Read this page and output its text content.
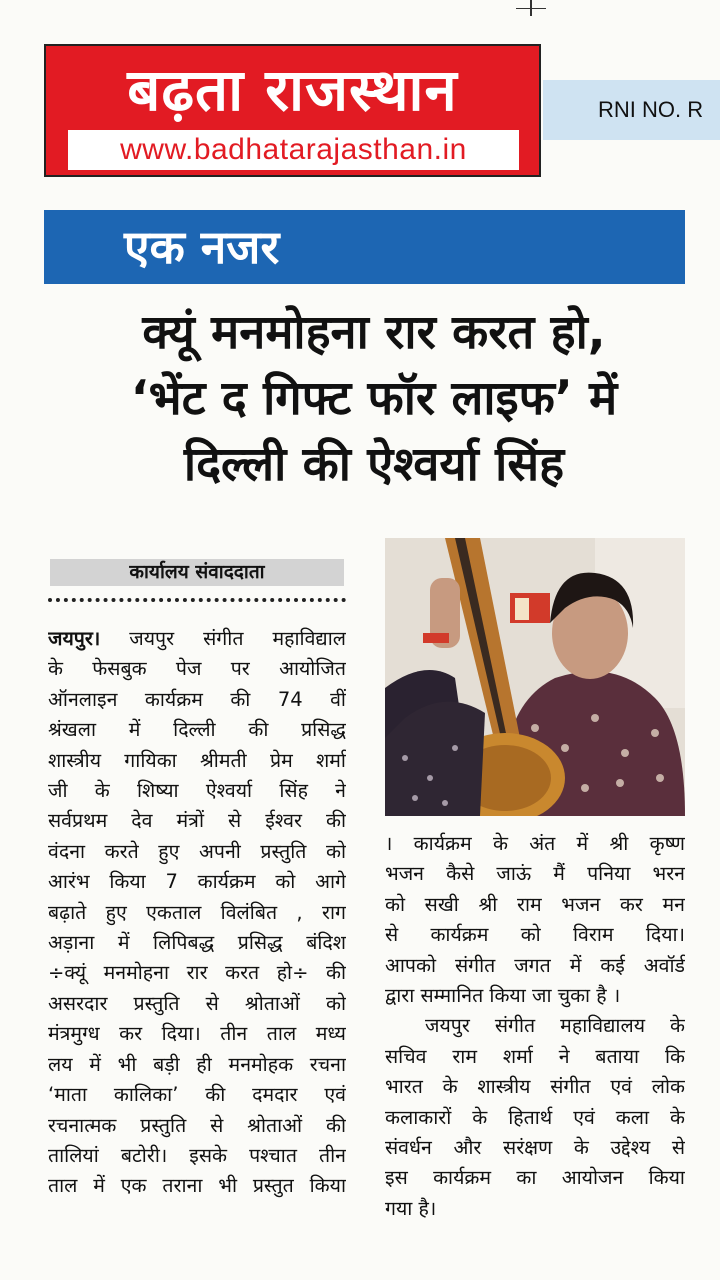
बढ़ता राजस्थान
www.badhatarajasthan.in
RNI NO. R
एक नजर
क्यूं मनमोहना रार करत हो,
‘भेंट द गिफ्ट फॉर लाइफ’ में
दिल्ली की ऐश्वर्या सिंह
कार्यालय संवाददाता
जयपुर। जयपुर संगीत महाविद्याल
के फेसबुक पेज पर आयोजित
ऑनलाइन कार्यक्रम की 74 वीं
श्रंखला में दिल्ली की प्रसिद्ध
शास्त्रीय गायिका श्रीमती प्रेम शर्मा
जी के शिष्या ऐश्वर्या सिंह ने
सर्वप्रथम देव मंत्रों से ईश्वर की
वंदना करते हुए अपनी प्रस्तुति को
आरंभ किया 7 कार्यक्रम को आगे
बढ़ाते हुए एकताल विलंबित , राग
अड़ाना में लिपिबद्ध प्रसिद्ध बंदिश
÷क्यूं मनमोहना रार करत हो÷ की
असरदार प्रस्तुति से श्रोताओं को
मंत्रमुग्ध कर दिया। तीन ताल मध्य
लय में भी बड़ी ही मनमोहक रचना
‘माता कालिका’ की दमदार एवं
रचनात्मक प्रस्तुति से श्रोताओं की
तालियां बटोरी। इसके पश्चात तीन
ताल में एक तराना भी प्रस्तुत किया
। कार्यक्रम के अंत में श्री कृष्ण
भजन कैसे जाऊं मैं पनिया भरन
को सखी श्री राम भजन कर मन
से कार्यक्रम को विराम दिया।
आपको संगीत जगत में कई अवॉर्ड
द्वारा सम्मानित किया जा चुका है ।
जयपुर संगीत महाविद्यालय के
सचिव राम शर्मा ने बताया कि
भारत के शास्त्रीय संगीत एवं लोक
कलाकारों के हितार्थ एवं कला के
संवर्धन और सरंक्षण के उद्देश्य से
इस कार्यक्रम का आयोजन किया
गया है।
